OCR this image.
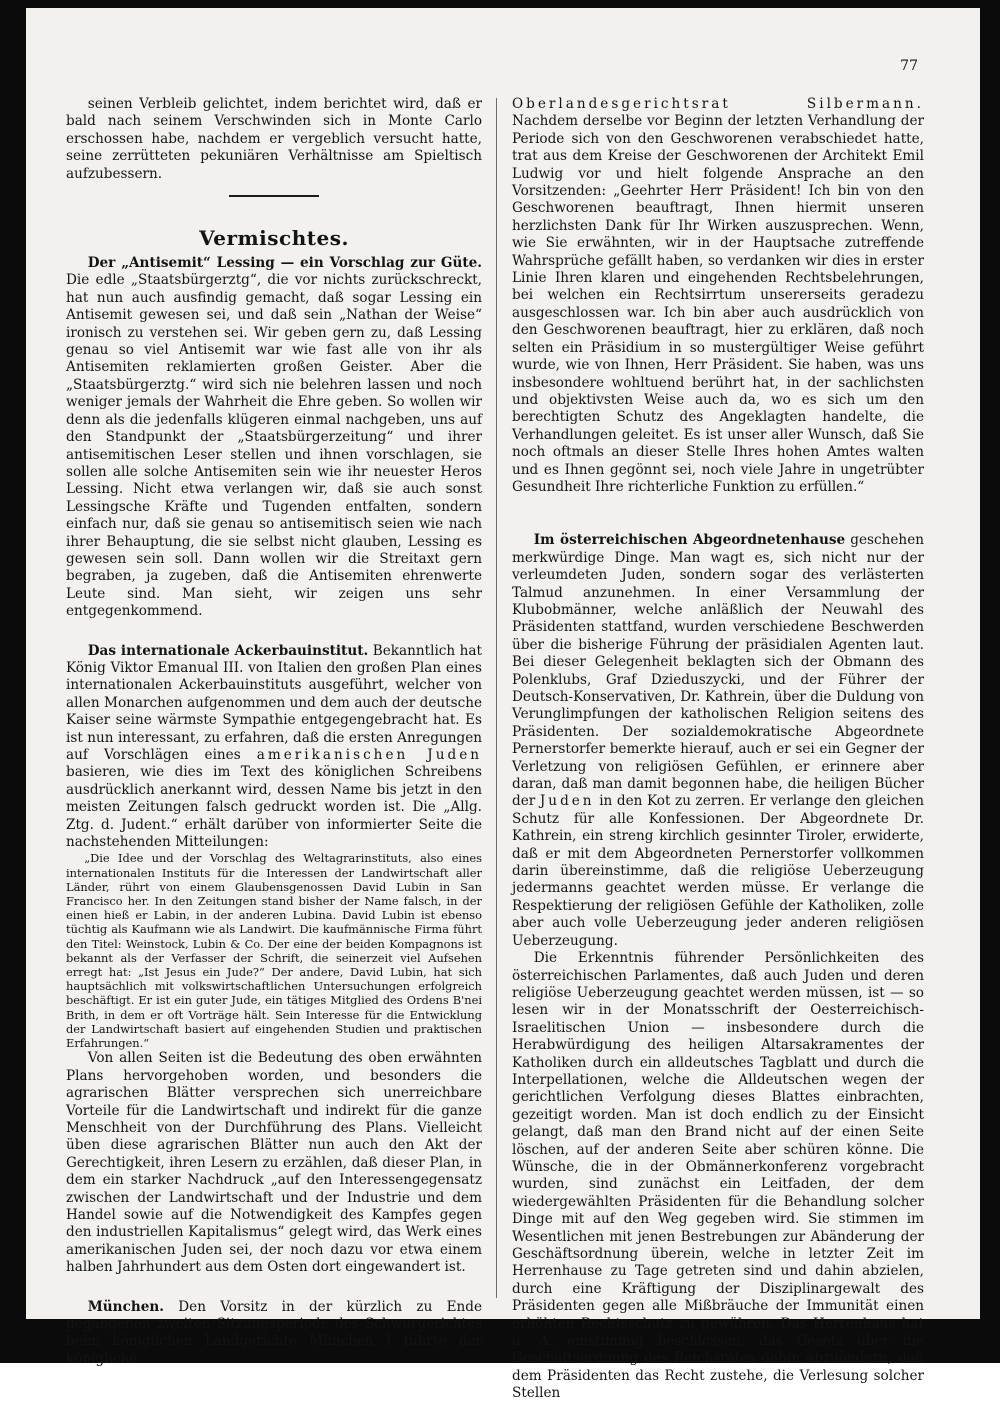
77

seinen Verbleib gelichtet, indem berichtet wird, daß er bald nach seinem Verschwinden sich in Monte Carlo erschossen habe, nachdem er vergeblich versucht hatte, seine zerrütteten pekuniären Verhältnisse am Spieltisch aufzubessern.

Vermischtes.

Der „Antisemit“ Lessing — ein Vorschlag zur Güte. Die edle „Staatsbürgerztg“, die vor nichts zurückschreckt, hat nun auch ausfindig gemacht, daß sogar Lessing ein Antisemit gewesen sei, und daß sein „Nathan der Weise“ ironisch zu verstehen sei. Wir geben gern zu, daß Lessing genau so viel Antisemit war wie fast alle von ihr als Antisemiten reklamierten großen Geister. Aber die „Staatsbürgerztg.“ wird sich nie belehren lassen und noch weniger jemals der Wahrheit die Ehre geben. So wollen wir denn als die jedenfalls klügeren einmal nachgeben, uns auf den Standpunkt der „Staatsbürgerzeitung“ und ihrer antisemitischen Leser stellen und ihnen vorschlagen, sie sollen alle solche Antisemiten sein wie ihr neuester Heros Lessing. Nicht etwa verlangen wir, daß sie auch sonst Lessingsche Kräfte und Tugenden entfalten, sondern einfach nur, daß sie genau so antisemitisch seien wie nach ihrer Behauptung, die sie selbst nicht glauben, Lessing es gewesen sein soll. Dann wollen wir die Streitaxt gern begraben, ja zugeben, daß die Antisemiten ehrenwerte Leute sind. Man sieht, wir zeigen uns sehr entgegenkommend.

Das internationale Ackerbauinstitut. Bekanntlich hat König Viktor Emanual III. von Italien den großen Plan eines internationalen Ackerbauinstituts ausgeführt, welcher von allen Monarchen aufgenommen und dem auch der deutsche Kaiser seine wärmste Sympathie entgegengebracht hat. Es ist nun interessant, zu erfahren, daß die ersten Anregungen auf Vorschlägen eines amerikanischen Juden basieren, wie dies im Text des königlichen Schreibens ausdrücklich anerkannt wird, dessen Name bis jetzt in den meisten Zeitungen falsch gedruckt worden ist. Die „Allg. Ztg. d. Judent.“ erhält darüber von informierter Seite die nachstehenden Mitteilungen:

„Die Idee und der Vorschlag des Weltagrarinstituts, also eines internationalen Instituts für die Interessen der Landwirtschaft aller Länder, rührt von einem Glaubensgenossen David Lubin in San Francisco her. In den Zeitungen stand bisher der Name falsch, in der einen hieß er Labin, in der anderen Lubina. David Lubin ist ebenso tüchtig als Kaufmann wie als Landwirt. Die kaufmännische Firma führt den Titel: Weinstock, Lubin & Co. Der eine der beiden Kompagnons ist bekannt als der Verfasser der Schrift, die seinerzeit viel Aufsehen erregt hat: „Ist Jesus ein Jude?“ Der andere, David Lubin, hat sich hauptsächlich mit volkswirtschaftlichen Untersuchungen erfolgreich beschäftigt. Er ist ein guter Jude, ein tätiges Mitglied des Ordens B'nei Brith, in dem er oft Vorträge hält. Sein Interesse für die Entwicklung der Landwirtschaft basiert auf eingehenden Studien und praktischen Erfahrungen.“

Von allen Seiten ist die Bedeutung des oben erwähnten Plans hervorgehoben worden, und besonders die agrarischen Blätter versprechen sich unerreichbare Vorteile für die Landwirtschaft und indirekt für die ganze Menschheit von der Durchführung des Plans. Vielleicht üben diese agrarischen Blätter nun auch den Akt der Gerechtigkeit, ihren Lesern zu erzählen, daß dieser Plan, in dem ein starker Nachdruck „auf den Interessengegensatz zwischen der Landwirtschaft und der Industrie und dem Handel sowie auf die Notwendigkeit des Kampfes gegen den industriellen Kapitalismus“ gelegt wird, das Werk eines amerikanischen Juden sei, der noch dazu vor etwa einem halben Jahrhundert aus dem Osten dort eingewandert ist.

München. Den Vorsitz in der kürzlich zu Ende gegangenen zweiten Sitzungsperiode des Schwurgerichtes beim königlichen Landgerichte München I führte der königliche

Oberlandesgerichtsrat Silbermann. Nachdem derselbe vor Beginn der letzten Verhandlung der Periode sich von den Geschworenen verabschiedet hatte, trat aus dem Kreise der Geschworenen der Architekt Emil Ludwig vor und hielt folgende Ansprache an den Vorsitzenden: „Geehrter Herr Präsident! Ich bin von den Geschworenen beauftragt, Ihnen hiermit unseren herzlichsten Dank für Ihr Wirken auszusprechen. Wenn, wie Sie erwähnten, wir in der Hauptsache zutreffende Wahrsprüche gefällt haben, so verdanken wir dies in erster Linie Ihren klaren und eingehenden Rechtsbelehrungen, bei welchen ein Rechtsirrtum unsererseits geradezu ausgeschlossen war. Ich bin aber auch ausdrücklich von den Geschworenen beauftragt, hier zu erklären, daß noch selten ein Präsidium in so mustergültiger Weise geführt wurde, wie von Ihnen, Herr Präsident. Sie haben, was uns insbesondere wohltuend berührt hat, in der sachlichsten und objektivsten Weise auch da, wo es sich um den berechtigten Schutz des Angeklagten handelte, die Verhandlungen geleitet. Es ist unser aller Wunsch, daß Sie noch oftmals an dieser Stelle Ihres hohen Amtes walten und es Ihnen gegönnt sei, noch viele Jahre in ungetrübter Gesundheit Ihre richterliche Funktion zu erfüllen.“

Im österreichischen Abgeordnetenhause geschehen merkwürdige Dinge. Man wagt es, sich nicht nur der verleumdeten Juden, sondern sogar des verlästerten Talmud anzunehmen. In einer Versammlung der Klubobmänner, welche anläßlich der Neuwahl des Präsidenten stattfand, wurden verschiedene Beschwerden über die bisherige Führung der präsidialen Agenten laut. Bei dieser Gelegenheit beklagten sich der Obmann des Polenklubs, Graf Dzieduszycki, und der Führer der Deutsch-Konservativen, Dr. Kathrein, über die Duldung von Verunglimpfungen der katholischen Religion seitens des Präsidenten. Der sozialdemokratische Abgeordnete Pernerstorfer bemerkte hierauf, auch er sei ein Gegner der Verletzung von religiösen Gefühlen, er erinnere aber daran, daß man damit begonnen habe, die heiligen Bücher der Juden in den Kot zu zerren. Er verlange den gleichen Schutz für alle Konfessionen. Der Abgeordnete Dr. Kathrein, ein streng kirchlich gesinnter Tiroler, erwiderte, daß er mit dem Abgeordneten Pernerstorfer vollkommen darin übereinstimme, daß die religiöse Ueberzeugung jedermanns geachtet werden müsse. Er verlange die Respektierung der religiösen Gefühle der Katholiken, zolle aber auch volle Ueberzeugung jeder anderen religiösen Ueberzeugung.

Die Erkenntnis führender Persönlichkeiten des österreichischen Parlamentes, daß auch Juden und deren religiöse Ueberzeugung geachtet werden müssen, ist — so lesen wir in der Monatsschrift der Oesterreichisch-Israelitischen Union — insbesondere durch die Herabwürdigung des heiligen Altarsakramentes der Katholiken durch ein alldeutsches Tagblatt und durch die Interpellationen, welche die Alldeutschen wegen der gerichtlichen Verfolgung dieses Blattes einbrachten, gezeitigt worden. Man ist doch endlich zu der Einsicht gelangt, daß man den Brand nicht auf der einen Seite löschen, auf der anderen Seite aber schüren könne. Die Wünsche, die in der Obmännerkonferenz vorgebracht wurden, sind zunächst ein Leitfaden, der dem wiedergewählten Präsidenten für die Behandlung solcher Dinge mit auf den Weg gegeben wird. Sie stimmen im Wesentlichen mit jenen Bestrebungen zur Abänderung der Geschäftsordnung überein, welche in letzter Zeit im Herrenhause zu Tage getreten sind und dahin abzielen, durch eine Kräftigung der Disziplinargewalt des Präsidenten gegen alle Mißbräuche der Immunität einen erhöhten Rechtsschutz zu gewähren. Das Herrenhaus hat u. A. einstimmig beschlossen, das Gesetz über die Geschäftsordnung des Reichsrates dahin abzuändern, daß dem Präsidenten das Recht zustehe, die Verlesung solcher Stellen
